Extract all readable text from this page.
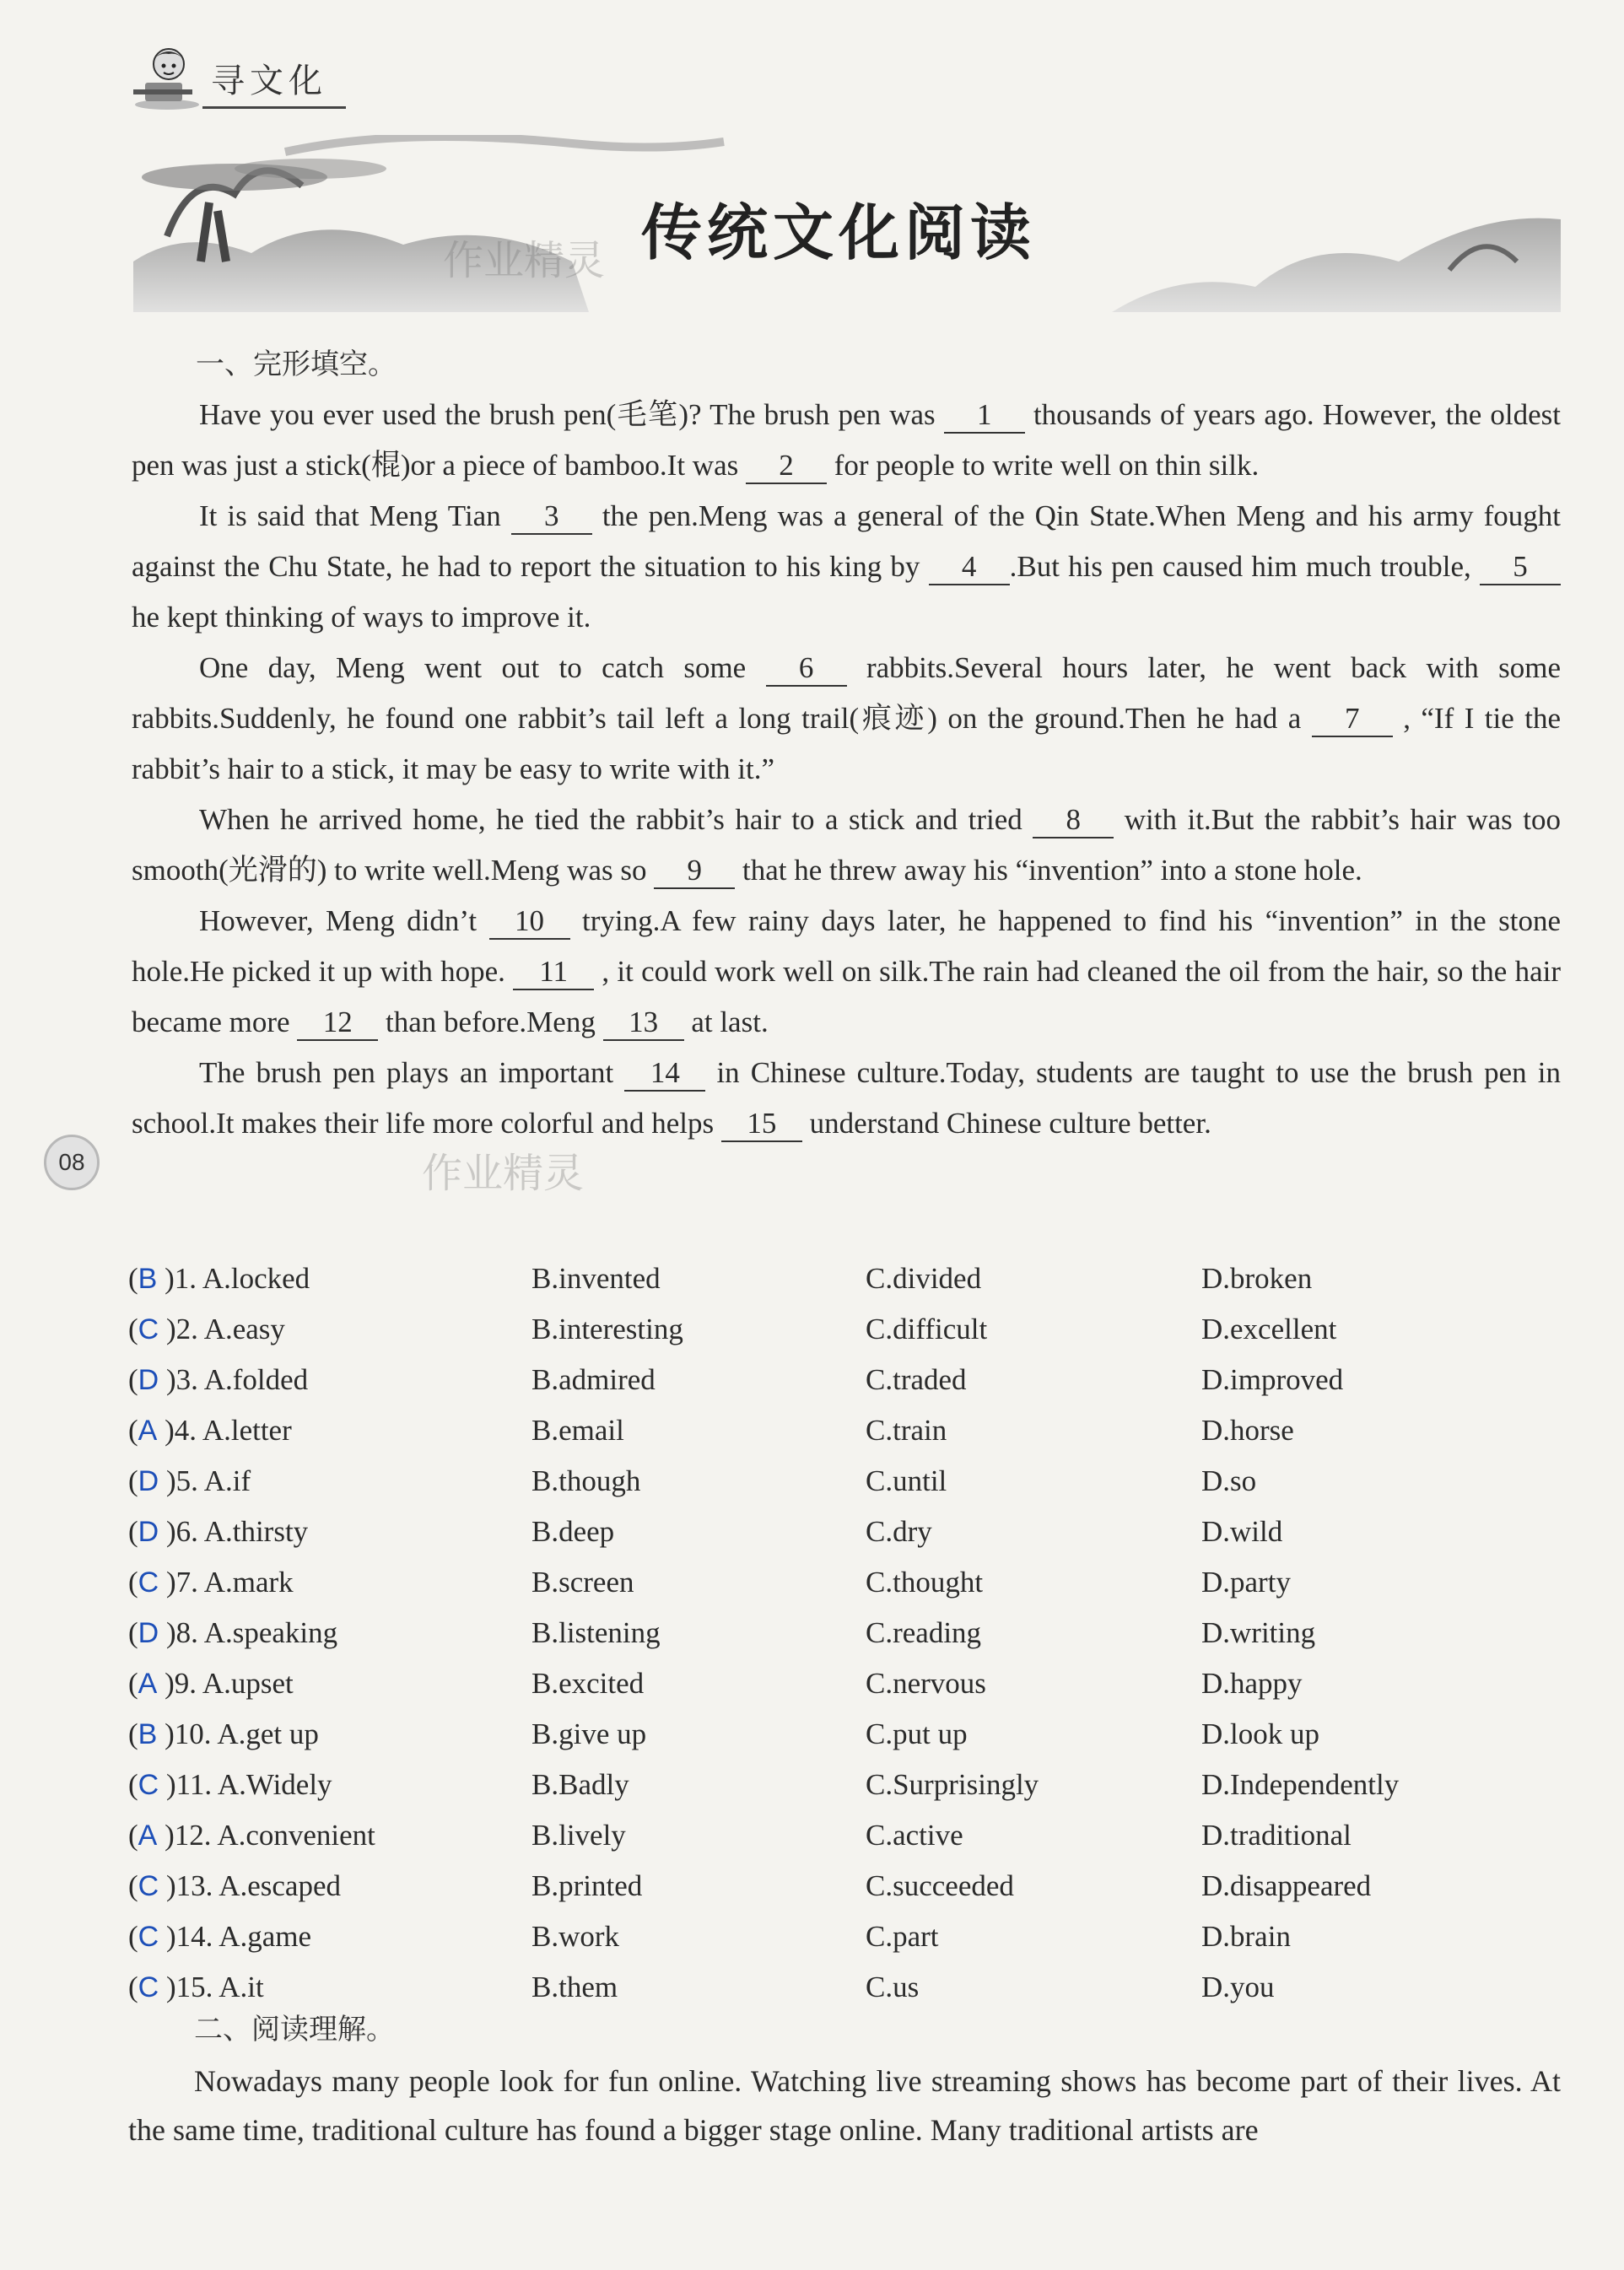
寻文化
传统文化阅读
作业精灵
一、完形填空。

Have you ever used the brush pen(毛笔)? The brush pen was 1 thousands of years ago. However, the oldest pen was just a stick(棍)or a piece of bamboo.It was 2 for people to write well on thin silk.

It is said that Meng Tian 3 the pen.Meng was a general of the Qin State.When Meng and his army fought against the Chu State, he had to report the situation to his king by 4 .But his pen caused him much trouble, 5 he kept thinking of ways to improve it.

One day, Meng went out to catch some 6 rabbits.Several hours later, he went back with some rabbits.Suddenly, he found one rabbit’s tail left a long trail(痕迹) on the ground.Then he had a 7 , “If I tie the rabbit’s hair to a stick, it may be easy to write with it.”

When he arrived home, he tied the rabbit’s hair to a stick and tried 8 with it.But the rabbit’s hair was too smooth(光滑的) to write well.Meng was so 9 that he threw away his “invention” into a stone hole.

However, Meng didn’t 10 trying.A few rainy days later, he happened to find his “invention” in the stone hole.He picked it up with hope. 11 , it could work well on silk.The rain had cleaned the oil from the hair, so the hair became more 12 than before.Meng 13 at last.

The brush pen plays an important 14 in Chinese culture.Today, students are taught to use the brush pen in school.It makes their life more colorful and helps 15 understand Chinese culture better.

08	作业精灵
(B )1. A.locked	B.invented	C.divided	D.broken
(C )2. A.easy	B.interesting	C.difficult	D.excellent
(D )3. A.folded	B.admired	C.traded	D.improved
(A )4. A.letter	B.email	C.train	D.horse
(D )5. A.if	B.though	C.until	D.so
(D )6. A.thirsty	B.deep	C.dry	D.wild
(C )7. A.mark	B.screen	C.thought	D.party
(D )8. A.speaking	B.listening	C.reading	D.writing
(A )9. A.upset	B.excited	C.nervous	D.happy
(B )10. A.get up	B.give up	C.put up	D.look up
(C )11. A.Widely	B.Badly	C.Surprisingly	D.Independently
(A )12. A.convenient	B.lively	C.active	D.traditional
(C )13. A.escaped	B.printed	C.succeeded	D.disappeared
(C )14. A.game	B.work	C.part	D.brain
(C )15. A.it	B.them	C.us	D.you
二、阅读理解。

Nowadays many people look for fun online. Watching live streaming shows has become part of their lives. At the same time, traditional culture has found a bigger stage online. Many traditional artists are
